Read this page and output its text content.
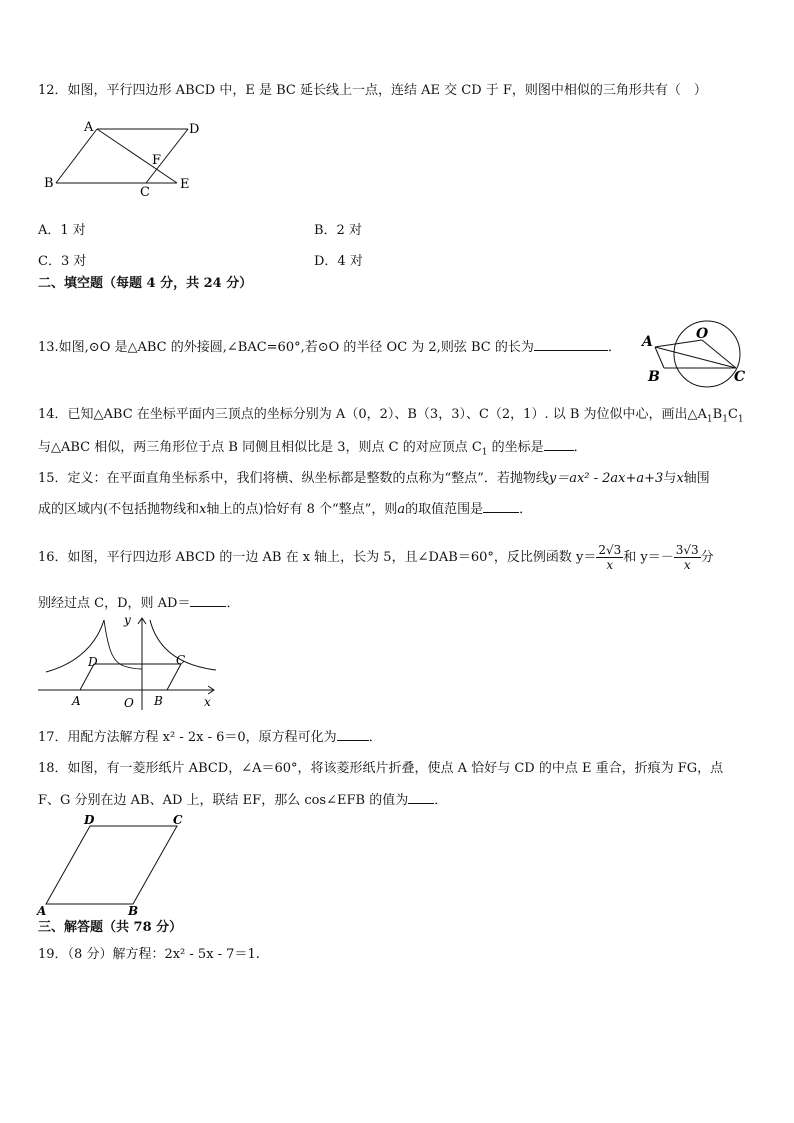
12．如图，平行四边形 ABCD 中，E 是 BC 延长线上一点，连结 AE 交 CD 于 F，则图中相似的三角形共有（　）
A	D
F
B
C
E
A．1 对	B．2 对
C．3 对	D．4 对
二、填空题（每题 4 分，共 24 分）
13.如图,⊙O 是△ABC 的外接圆,∠BAC=60°,若⊙O 的半径 OC 为 2,则弦 BC 的长为	． A	O
B	C
14．已知△ABC 在坐标平面内三顶点的坐标分别为 A（0，2）、B（3，3）、C（2，1）. 以 B 为位似中心，画出$\triangle A_1B_1C_1$
与△ABC 相似，两三角形位于点 B 同侧且相似比是 3，则点 C 的对应顶点 $C_1$ 的坐标是 ．
15．定义：在平面直角坐标系中，我们将横、纵坐标都是整数的点称为“整点”．若抛物线y＝ax² - 2ax+a+3与x轴围
成的区域内(不包括抛物线和x轴上的点)恰好有 8 个“整点”，则a的取值范围是	．
16．如图，平行四边形 ABCD 的一边 AB 在 x 轴上，长为 5，且∠DAB＝60°，反比例函数 $y= \frac{2√3}{x}$ 和 $y=- \frac{3√3}{x}$ 分
别经过点 C，D，则 AD＝	．
y
x
D	C
A	O B
17．用配方法解方程 x² - 2x - 6＝0，原方程可化为 ．
18．如图，有一菱形纸片 ABCD，∠A＝60°，将该菱形纸片折叠，使点 A 恰好与 CD 的中点 E 重合，折痕为 FG，点
F、G 分别在边 AB、AD 上，联结 EF，那么 cos∠EFB 的值为 ．
D	C
A	B
三、解答题（共 78 分）
19．（8 分）解方程：2x² - 5x - 7＝1.
